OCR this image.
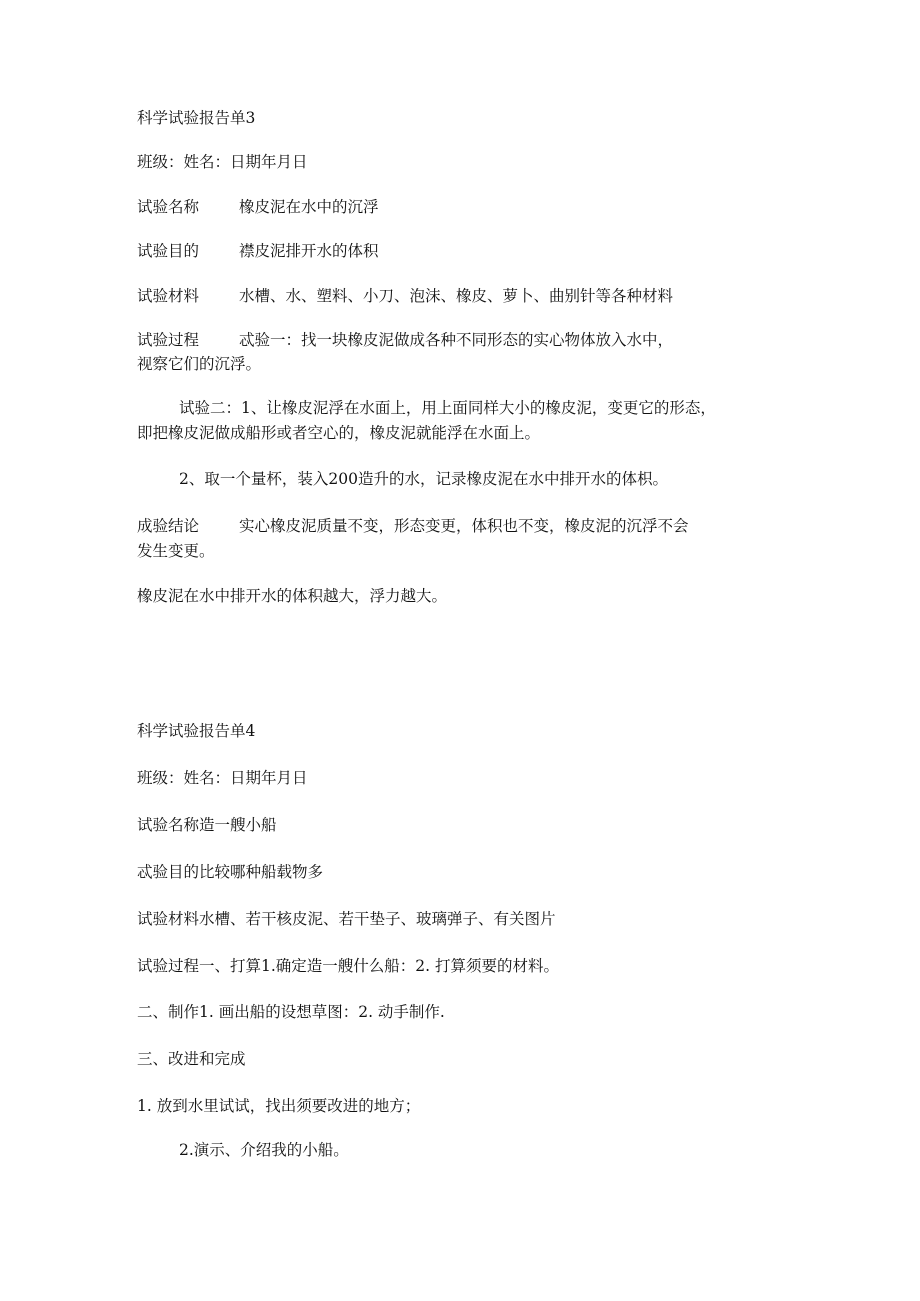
科学试验报告单3
班级：姓名：日期年月日
试验名称	橡皮泥在水中的沉浮
试验目的	襟皮泥排开水的体积
试验材料	水槽、水、塑料、小刀、泡沫、橡皮、萝卜、曲别针等各种材料
试验过程	忒验一：找一块橡皮泥做成各种不同形态的实心物体放入水中，
视察它们的沉浮。
试验二：1、让橡皮泥浮在水面上，用上面同样大小的橡皮泥，变更它的形态，
即把橡皮泥做成船形或者空心的，橡皮泥就能浮在水面上。
2、取一个量杯，装入200造升的水，记录橡皮泥在水中排开水的体枳。
成验结论	实心橡皮泥质量不变，形态变更，体积也不变，橡皮泥的沉浮不会
发生变更。
橡皮泥在水中排开水的体积越大，浮力越大。
科学试验报告单4
班级：姓名：日期年月日
试验名称造一艘小船
忒验目的比较哪种船载物多
试验材料水槽、若干核皮泥、若干垫子、玻璃弹子、有关图片
试验过程一、打算1.确定造一艘什么船：2. 打算须要的材料。
二、制作1. 画出船的设想草图：2. 动手制作.
三、改进和完成
1. 放到水里试试，找出须要改进的地方；
2.演示、介绍我的小船。
